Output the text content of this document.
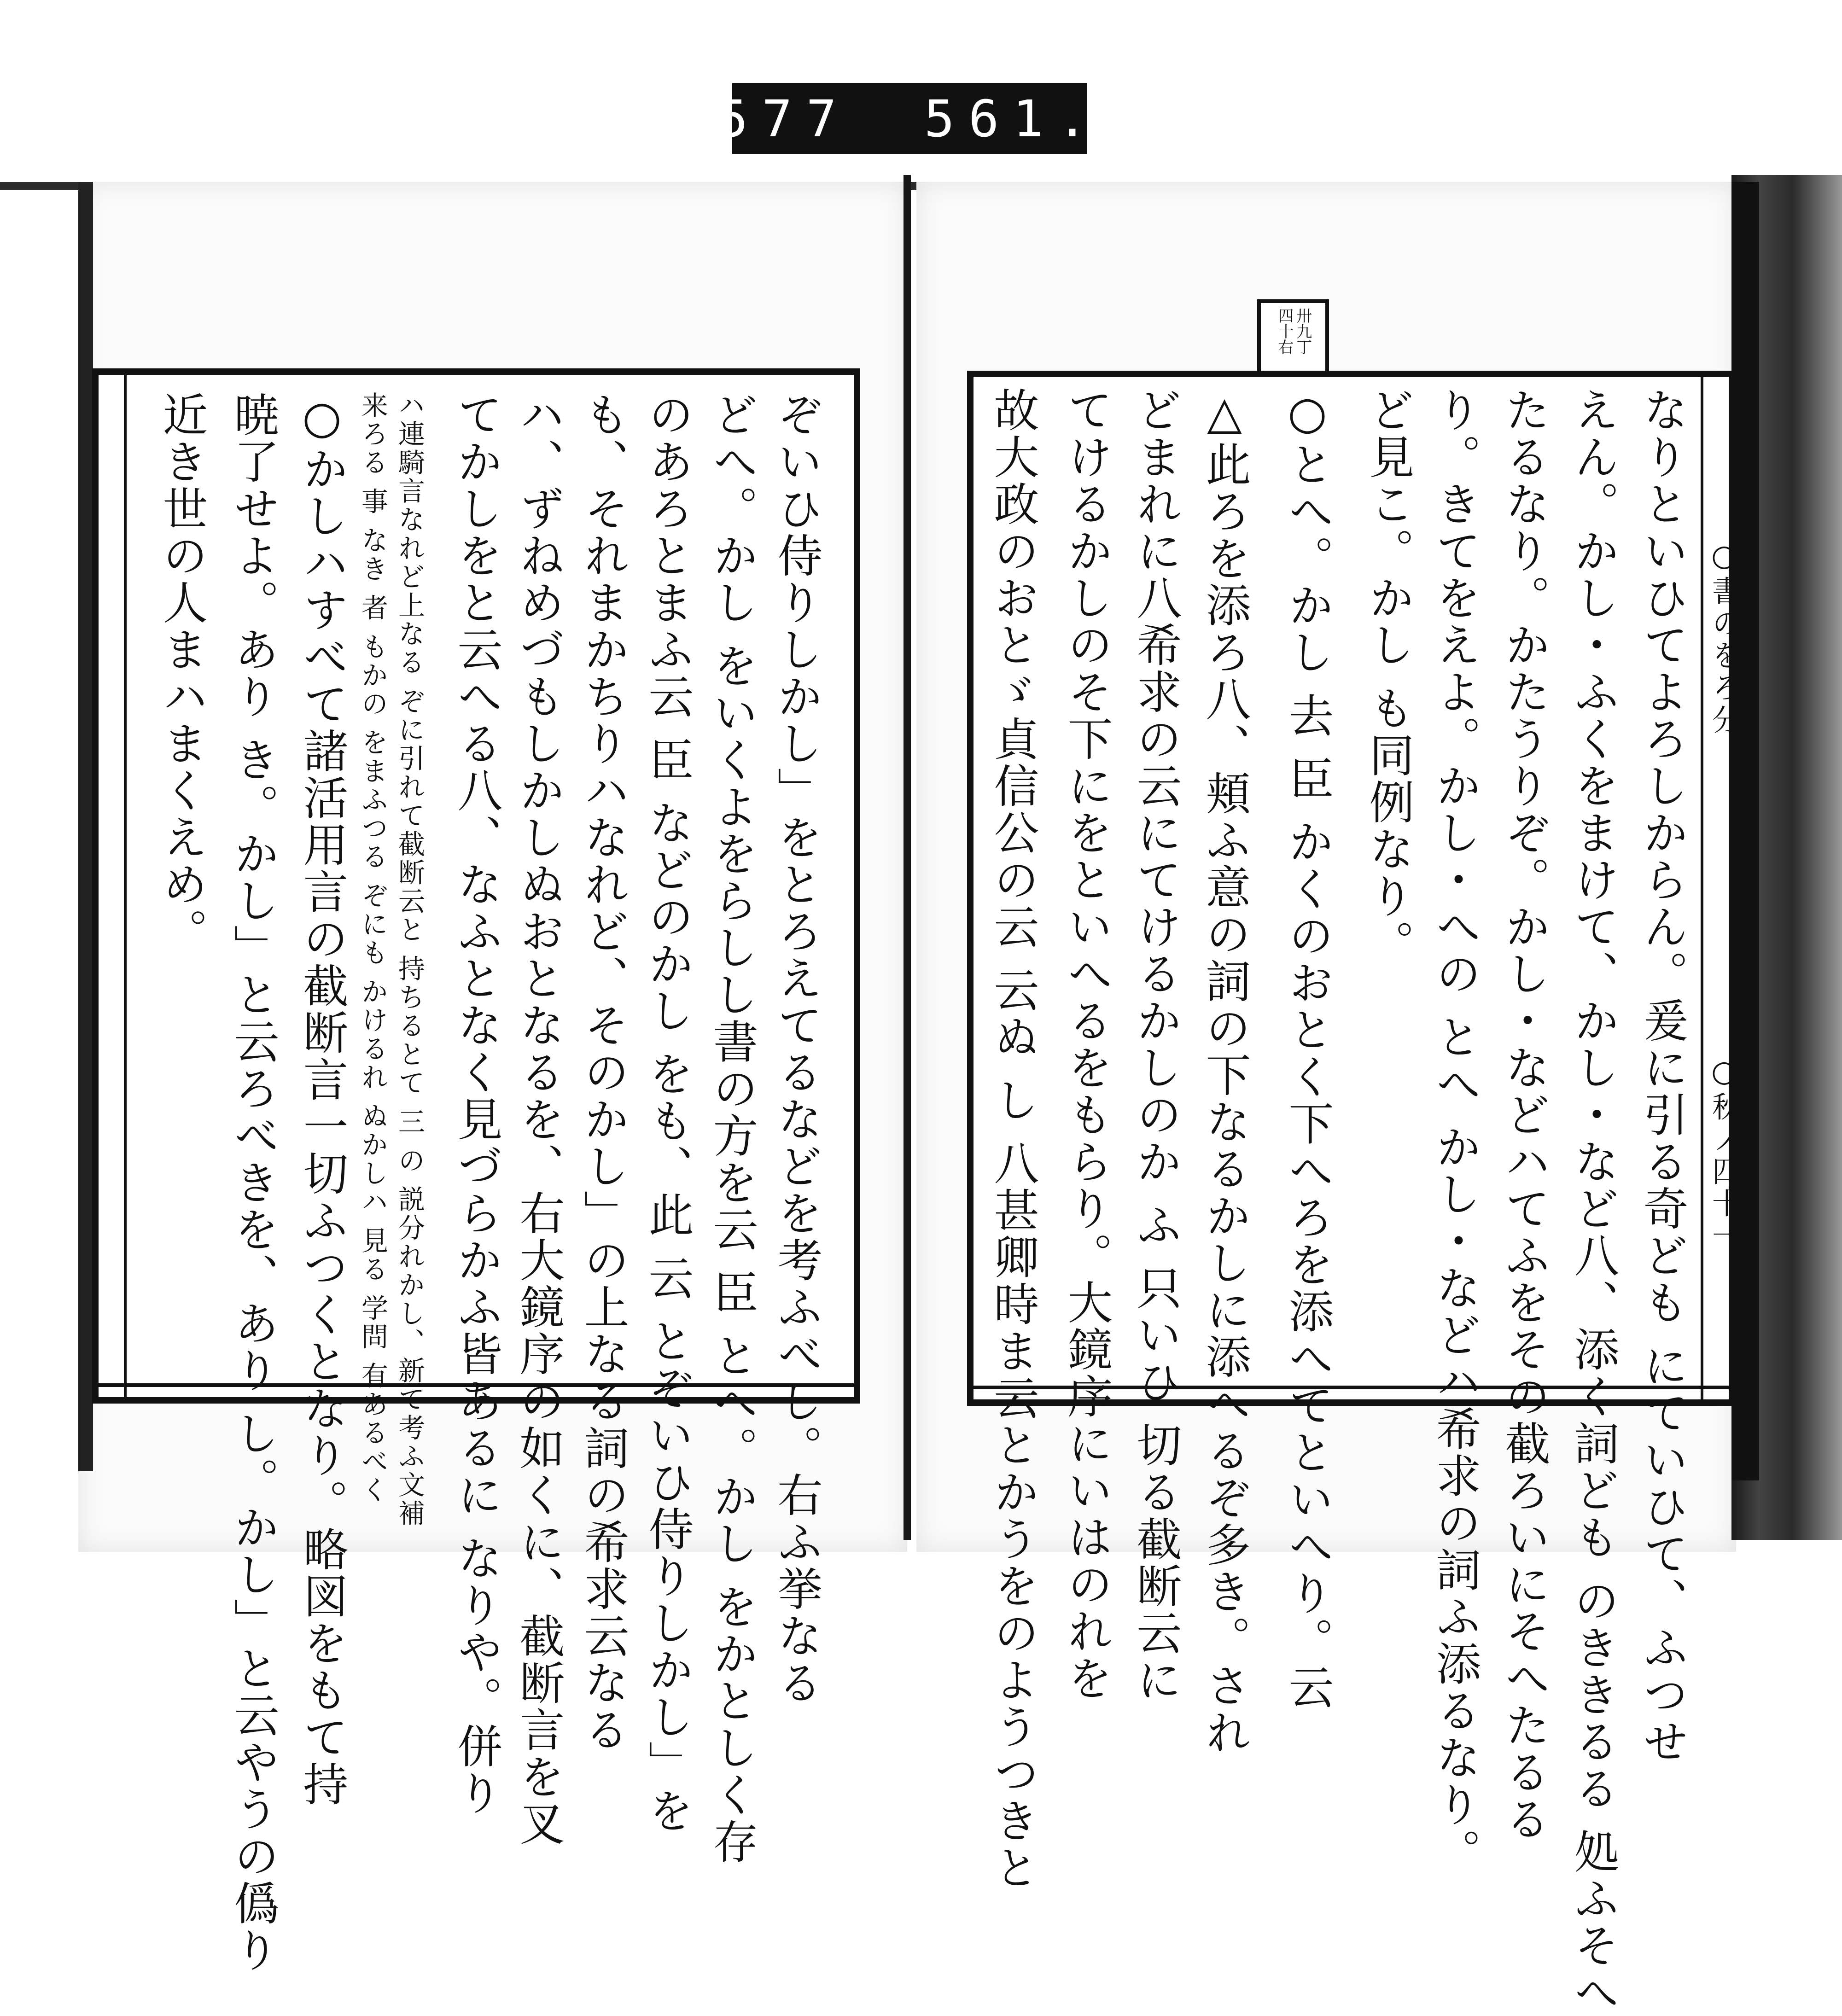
577 561.
卅九丁
四十右
○書のをろ分
○秋ノ四十一
なりといひてよろしからん。爰に引る奇ども にていひて、ふつせ
えん。かし・ふくをまけて、かし・など八、添く詞ども のききるる 処ふそへ
たるなり。かたうりぞ。かし・などハてふをその截ろいにそへたるる
り。きてをえよ。かし・への とへ かし・などハ希求の詞ふ添るなり。
ど見こ。かし も同例なり。
○とへ。かし 去 臣 かくのおとく下へろを添へてといへり。云
△此ろを添ろ八、頬ふ意の詞の下なるかしに添へるぞ多き。され
どまれに八希求の云にてけるかしのか ふ 只いひ 切る截断云に
てけるかしのそ下にをといへるをもらり。大鏡序にいはのれを
故大政のおとゞ貞信公の云 云ぬ し 八甚卿時ま云とかうをのようつきと
ぞいひ侍りしかし」をとろえてるなどを考ふべし。右ふ挙なる
どへ。かし をいくよをらしし書の方を云 臣 とへ。かし をかとしく存
のあろとまふ云 臣 などのかし をも、此 云 とぞいひ侍りしかし」を
も、それまかちりハなれど、そのかし」の上なる詞の希求云なる
ハ、ずねめづもしかしぬおとなるを、右大鏡序の如くに、截断言を叉
てかしをと云へる八、なふとなく見づらかふ皆あるに なりや。併り
ハ連騎言なれど上なる ぞに引れて截断云と 持ちるとて 三 の 説分れかし、新て考ふ文補
来ろる 事 なき 者 もかの をまふつる ぞにも かけるれ ぬかしハ 見る 学問 有あるべく
○かしハすべて諸活用言の截断言一切ふつくとなり。略図をもて持
暁了せよ。あり き。かし」と云ろべきを、あり し。かし」と云やうの僞り
近き世の人まハまくえめ。
